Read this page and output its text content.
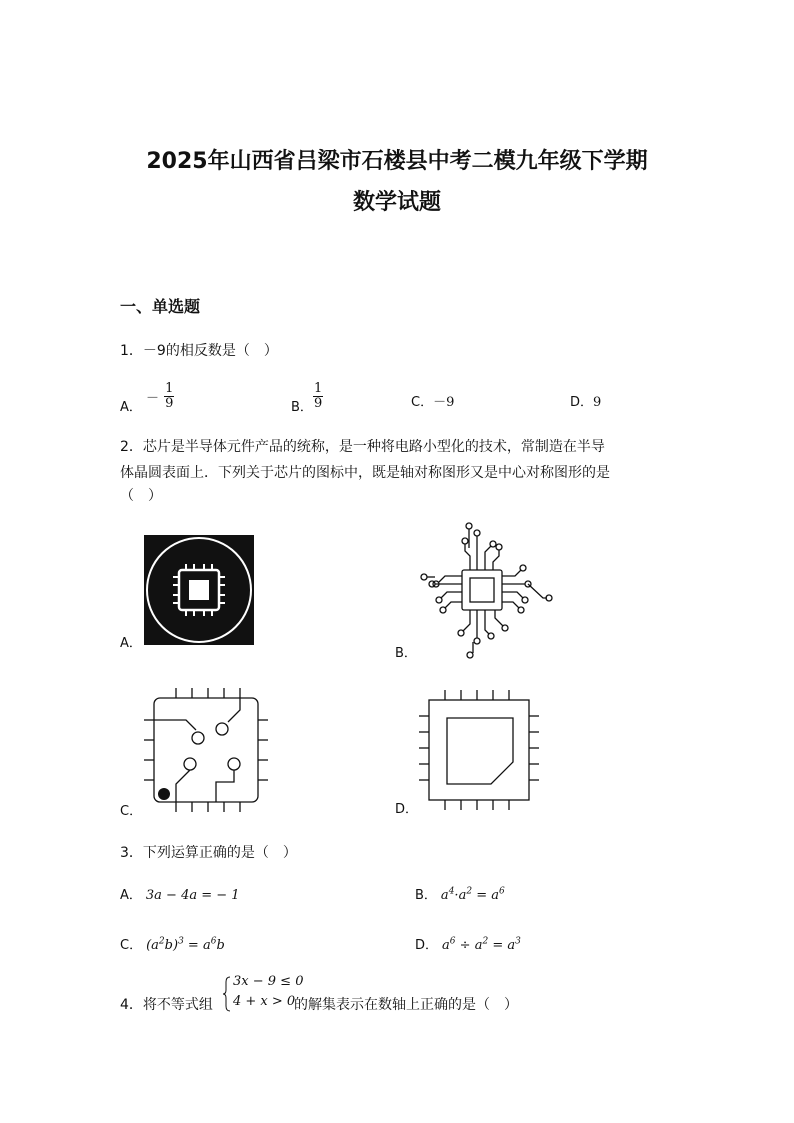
2025年山西省吕梁市石楼县中考二模九年级下学期
数学试题
一、单选题
1．－9的相反数是（　）
A．
－ $\frac{1}{9}$	B． $\frac{1}{9}$	C．－9	D．9
2．芯片是半导体元件产品的统称，是一种将电路小型化的技术，常制造在半导
体晶圆表面上．下列关于芯片的图标中，既是轴对称图形又是中心对称图形的是
（　）
A．
B．
C．	D．
3．下列运算正确的是（　）
A． 3a − 4a = − 1	B． $a^4\cdot a^2 = a^6$
C． $(a^2b)^3 = a^6b$	D． $a^6 \div a^2 = a^3$
4．将不等式组
3x − 9 ≤ 0
4 + x > 0
的解集表示在数轴上正确的是（　）
